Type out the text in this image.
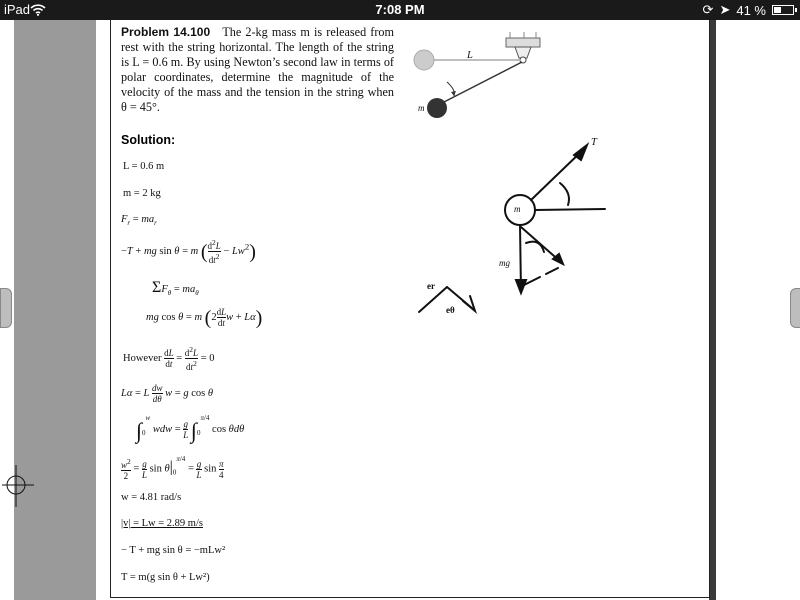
iPad	7:08 PM	⟳ ➤ 41 %
Problem 14.100 The 2-kg mass m is released from rest with the string horizontal. The length of the string is L = 0.6 m. By using Newton’s second law in terms of polar coordinates, determine the magnitude of the velocity of the mass and the tension in the string when θ = 45°.
L
m
Solution:
L = 0.6 m
m = 2 kg
$F_r = ma_r$
−T + mg sin θ = m ( $\frac{d^2L}{dt^2} - Lw^2$)
$\Sigma F_\theta = ma_\theta$
mg cos θ = m ($2 \frac{dL}{dt}$ w + Lα)
However $\frac{dL}{dt} = \frac{d^2L}{dt^2} = 0$
Lα = L $\frac{dw}{d\theta}$ w = g cos θ
$\int_0^w$ wdw = $\frac{g}{L} \int_0^{\pi/4}$ cos θdθ
$\frac{w^2}{2} = \frac{g}{L}$ $\sin \theta|_0^{\pi/4} = \frac{g}{L}$ $\sin \frac{\pi}{4}$
w = 4.81 rad/s
|v| = Lw = 2.89 m/s
− T + mg sin θ = −mLw²
T = m(g sin θ + Lw²)
T
m
mg
er
eθ
